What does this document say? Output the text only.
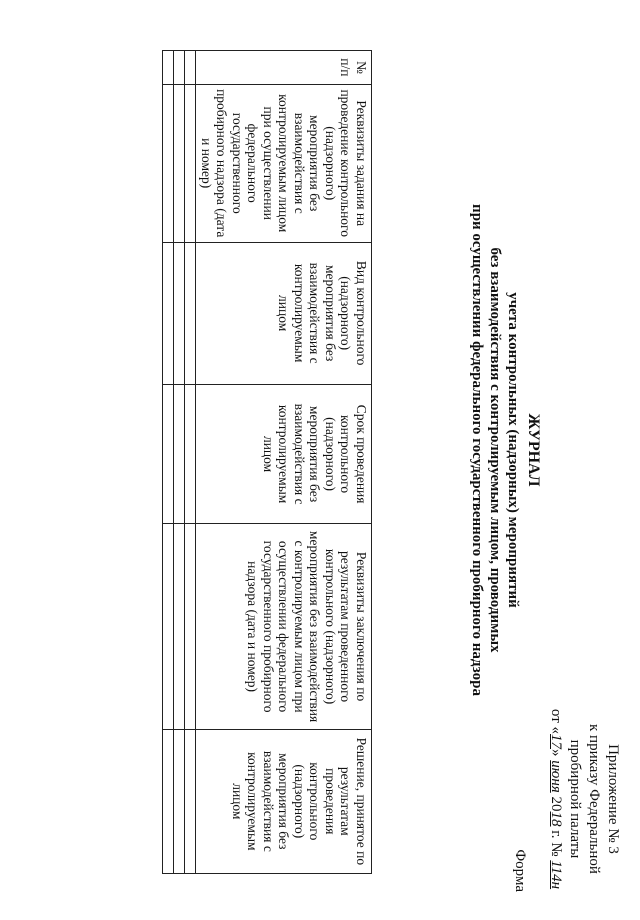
Приложение № 3
к приказу Федеральной
пробирной палаты
от «17» июня 2018 г. № 114н
Форма
ЖУРНАЛ
учета контрольных (надзорных) мероприятий
без взаимодействия с контролируемым лицом, проводимых
при осуществлении федерального государственного пробирного надзора
№ п/п	Реквизиты задания на проведение контрольного (надзорного) мероприятия без взаимодействия с контролируемым лицом при осуществлении федерального государственного пробирного надзора (дата и номер)	Вид контрольного (надзорного) мероприятия без взаимодействия с контролируемым лицом	Срок проведения контрольного (надзорного) мероприятия без взаимодействия с контролируемым лицом	Реквизиты заключения по результатам проведенного контрольного (надзорного) мероприятия без взаимодействия с контролируемым лицом при осуществлении федерального государственного пробирного надзора (дата и номер)	Решение, принятое по результатам проведения контрольного (надзорного) мероприятия без взаимодействия с контролируемым лицом
